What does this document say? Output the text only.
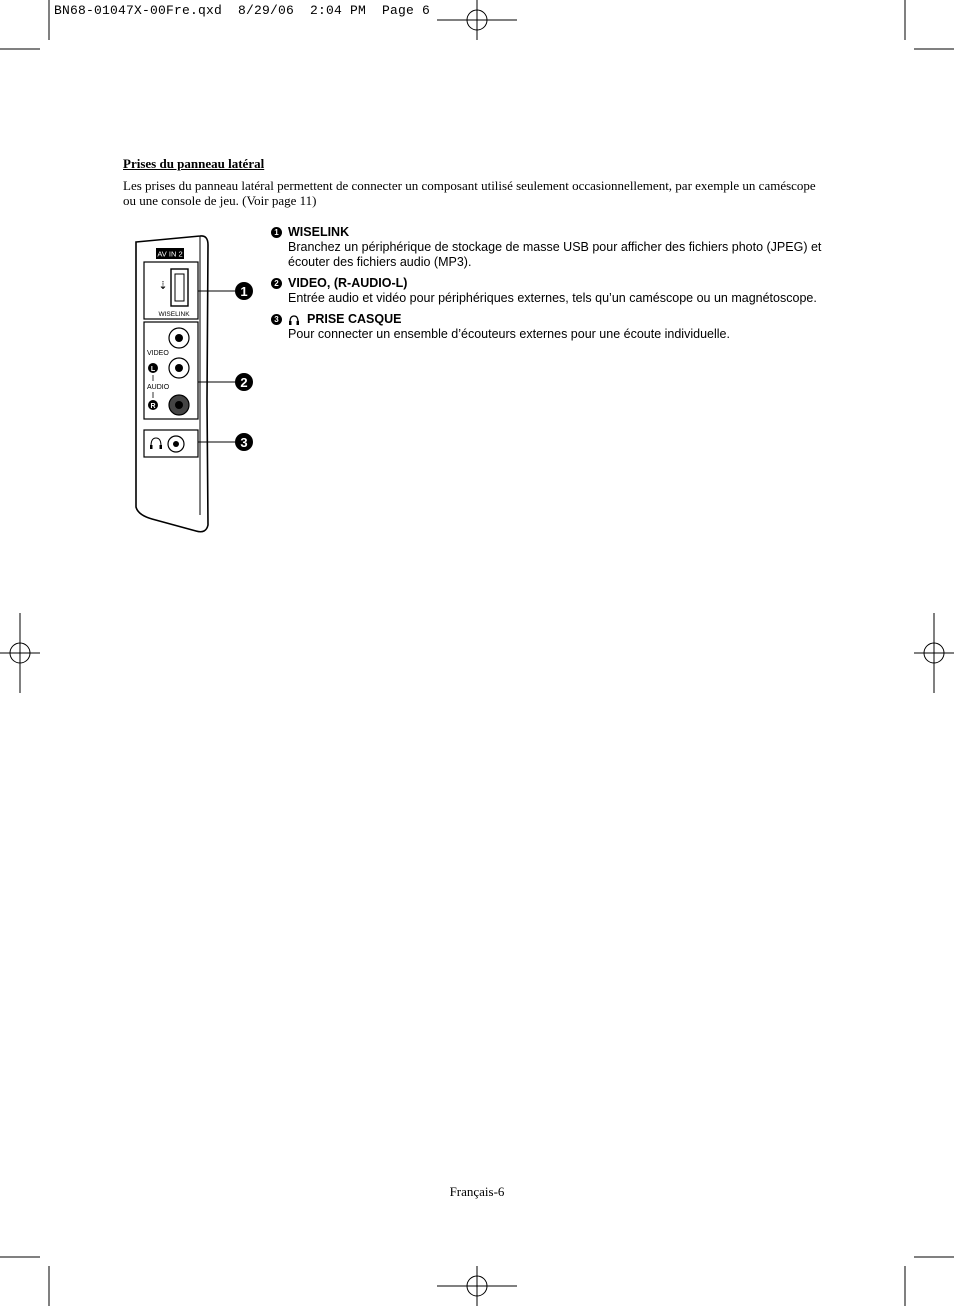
BN68-01047X-00Fre.qxd  8/29/06  2:04 PM  Page 6
Prises du panneau latéral
Les prises du panneau latéral permettent de connecter un composant utilisé seulement occasionnellement, par exemple un caméscope ou une console de jeu. (Voir page 11)
AV IN 2
⇣
WISELINK
VIDEO
L
AUDIO
R
1
2
3
1 WISELINK
Branchez un périphérique de stockage de masse USB pour afficher des fichiers photo (JPEG) et écouter des fichiers audio (MP3).
2 VIDEO, (R-AUDIO-L)
Entrée audio et vidéo pour périphériques externes, tels qu’un caméscope ou un magnétoscope.
3 PRISE CASQUE
Pour connecter un ensemble d’écouteurs externes pour une écoute individuelle.
Français-6
